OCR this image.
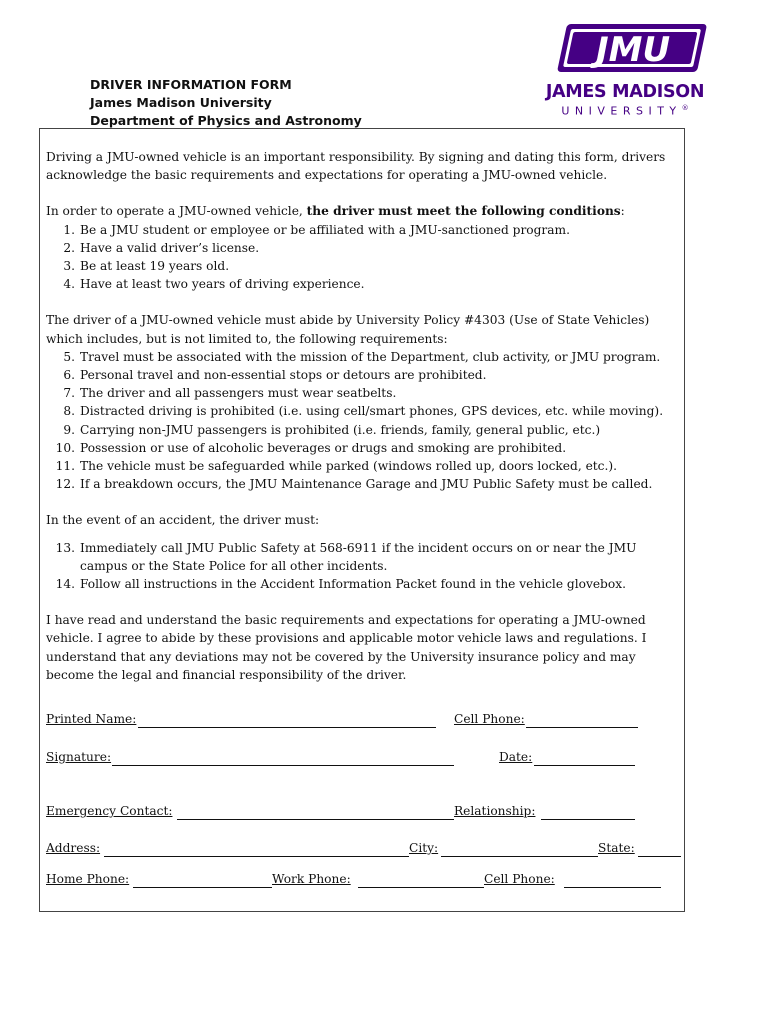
DRIVER INFORMATION FORM
James Madison University
Department of Physics and Astronomy
JMU
JAMES MADISON
UNIVERSITY®

Driving a JMU-owned vehicle is an important responsibility. By signing and dating this form, drivers acknowledge the basic requirements and expectations for operating a JMU-owned vehicle.

In order to operate a JMU-owned vehicle, the driver must meet the following conditions:

1. Be a JMU student or employee or be affiliated with a JMU-sanctioned program.
2. Have a valid driver’s license.
3. Be at least 19 years old.
4. Have at least two years of driving experience.

The driver of a JMU-owned vehicle must abide by University Policy #4303 (Use of State Vehicles) which includes, but is not limited to, the following requirements:

5. Travel must be associated with the mission of the Department, club activity, or JMU program.
6. Personal travel and non-essential stops or detours are prohibited.
7. The driver and all passengers must wear seatbelts.
8. Distracted driving is prohibited (i.e. using cell/smart phones, GPS devices, etc. while moving).
9. Carrying non-JMU passengers is prohibited (i.e. friends, family, general public, etc.)
10. Possession or use of alcoholic beverages or drugs and smoking are prohibited.
11. The vehicle must be safeguarded while parked (windows rolled up, doors locked, etc.).
12. If a breakdown occurs, the JMU Maintenance Garage and JMU Public Safety must be called.

In the event of an accident, the driver must:

13. Immediately call JMU Public Safety at 568-6911 if the incident occurs on or near the JMU campus or the State Police for all other incidents.
14. Follow all instructions in the Accident Information Packet found in the vehicle glovebox.

I have read and understand the basic requirements and expectations for operating a JMU-owned vehicle. I agree to abide by these provisions and applicable motor vehicle laws and regulations. I understand that any deviations may not be covered by the University insurance policy and may become the legal and financial responsibility of the driver.

Printed Name:	Cell Phone:
Signature:	Date:
Emergency Contact:	Relationship:
Address:	City:	State:
Home Phone:	Work Phone:	Cell Phone:
